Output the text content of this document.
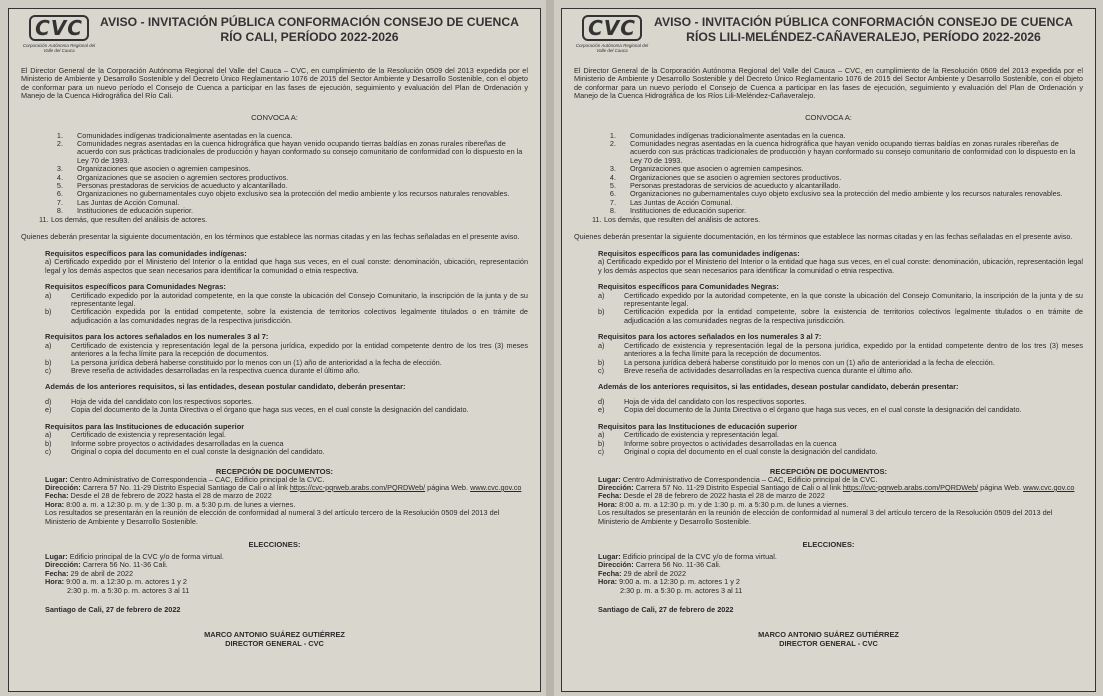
CVC
Corporación Autónoma Regional del Valle del Cauca
AVISO - INVITACIÓN PÚBLICA CONFORMACIÓN CONSEJO DE CUENCA
RÍO CALI, PERÍODO 2022-2026

El Director General de la Corporación Autónoma Regional del Valle del Cauca – CVC, en cumplimiento de la Resolución 0509 del 2013 expedida por el Ministerio de Ambiente y Desarrollo Sostenible y del Decreto Único Reglamentario 1076 de 2015 del Sector Ambiente y Desarrollo Sostenible, con el objeto de conformar para un nuevo período el Consejo de Cuenca a participar en las fases de ejecución, seguimiento y evaluación del Plan de Ordenación y Manejo de la Cuenca Hidrográfica del Río Cali.

CONVOCA A:
1.	Comunidades indígenas tradicionalmente asentadas en la cuenca.
2.	Comunidades negras asentadas en la cuenca hidrográfica que hayan venido ocupando tierras baldías en zonas rurales ribereñas de acuerdo con sus prácticas tradicionales de producción y hayan conformado su consejo comunitario de conformidad con lo dispuesto en la Ley 70 de 1993.
3.	Organizaciones que asocien o agremien campesinos.
4.	Organizaciones que se asocien o agremien sectores productivos.
5.	Personas prestadoras de servicios de acueducto y alcantarillado.
6.	Organizaciones no gubernamentales cuyo objeto exclusivo sea la protección del medio ambiente y los recursos naturales renovables.
7.	Las Juntas de Acción Comunal.
8.	Instituciones de educación superior.
11. Los demás, que resulten del análisis de actores.

Quienes deberán presentar la siguiente documentación, en los términos que establece las normas citadas y en las fechas señaladas en el presente aviso.

Requisitos específicos para las comunidades indígenas:

a) Certificado expedido por el Ministerio del Interior o la entidad que haga sus veces, en el cual conste: denominación, ubicación, representación legal y los demás aspectos que sean necesarios para identificar la comunidad o etnia respectiva.

Requisitos específicos para Comunidades Negras:
a)	Certificado expedido por la autoridad competente, en la que conste la ubicación del Consejo Comunitario, la inscripción de la junta y de su representante legal.
b)	Certificación expedida por la entidad competente, sobre la existencia de territorios colectivos legalmente titulados o en trámite de adjudicación a las comunidades negras de la respectiva jurisdicción.
Requisitos para los actores señalados en los numerales 3 al 7:
a)	Certificado de existencia y representación legal de la persona jurídica, expedido por la entidad competente dentro de los tres (3) meses anteriores a la fecha límite para la recepción de documentos.
b)	La persona jurídica deberá haberse constituido por lo menos con un (1) año de anterioridad a la fecha de elección.
c)	Breve reseña de actividades desarrolladas en la respectiva cuenca durante el último año.
Además de los anteriores requisitos, si las entidades, desean postular candidato, deberán presentar:
d)	Hoja de vida del candidato con los respectivos soportes.
e)	Copia del documento de la Junta Directiva o el órgano que haga sus veces, en el cual conste la designación del candidato.
Requisitos para las Instituciones de educación superior
a)	Certificado de existencia y representación legal.
b)	Informe sobre proyectos o actividades desarrolladas en la cuenca
c)	Original o copia del documento en el cual conste la designación del candidato.
RECEPCIÓN DE DOCUMENTOS:
Lugar: Centro Administrativo de Correspondencia – CAC, Edificio principal de la CVC.
Dirección: Carrera 57 No. 11-29 Distrito Especial Santiago de Cali o al link https://cvc-pqrweb.arabs.com/PQRDWeb/ página Web. www.cvc.gov.co
Fecha: Desde el 28 de febrero de 2022 hasta el 28 de marzo de 2022
Hora: 8:00 a. m. a 12:30 p. m. y de 1:30 p. m. a 5:30 p.m. de lunes a viernes.
Los resultados se presentarán en la reunión de elección de conformidad al numeral 3 del artículo tercero de la Resolución 0509 del 2013 del Ministerio de Ambiente y Desarrollo Sostenible.
ELECCIONES:
Lugar: Edificio principal de la CVC y/o de forma virtual.
Dirección: Carrera 56 No. 11-36 Cali.
Fecha: 29 de abril de 2022
Hora: 9:00 a. m. a 12:30 p. m. actores 1 y 2
2:30 p. m. a 5:30 p. m. actores 3 al 11
Santiago de Cali, 27 de febrero de 2022
MARCO ANTONIO SUÁREZ GUTIÉRREZ
DIRECTOR GENERAL - CVC
CVC
Corporación Autónoma Regional del Valle del Cauca
AVISO - INVITACIÓN PÚBLICA CONFORMACIÓN CONSEJO DE CUENCA
RÍOS LILI-MELÉNDEZ-CAÑAVERALEJO, PERÍODO 2022-2026

El Director General de la Corporación Autónoma Regional del Valle del Cauca – CVC, en cumplimiento de la Resolución 0509 del 2013 expedida por el Ministerio de Ambiente y Desarrollo Sostenible y del Decreto Único Reglamentario 1076 de 2015 del Sector Ambiente y Desarrollo Sostenible, con el objeto de conformar para un nuevo período el Consejo de Cuenca a participar en las fases de ejecución, seguimiento y evaluación del Plan de Ordenación y Manejo de la Cuenca Hidrográfica de los Ríos Lili-Meléndez-Cañaveralejo.

CONVOCA A:
1.	Comunidades indígenas tradicionalmente asentadas en la cuenca.
2.	Comunidades negras asentadas en la cuenca hidrográfica que hayan venido ocupando tierras baldías en zonas rurales ribereñas de acuerdo con sus prácticas tradicionales de producción y hayan conformado su consejo comunitario de conformidad con lo dispuesto en la Ley 70 de 1993.
3.	Organizaciones que asocien o agremien campesinos.
4.	Organizaciones que se asocien o agremien sectores productivos.
5.	Personas prestadoras de servicios de acueducto y alcantarillado.
6.	Organizaciones no gubernamentales cuyo objeto exclusivo sea la protección del medio ambiente y los recursos naturales renovables.
7.	Las Juntas de Acción Comunal.
8.	Instituciones de educación superior.
11. Los demás, que resulten del análisis de actores.

Quienes deberán presentar la siguiente documentación, en los términos que establece las normas citadas y en las fechas señaladas en el presente aviso.

Requisitos específicos para las comunidades indígenas:

a) Certificado expedido por el Ministerio del Interior o la entidad que haga sus veces, en el cual conste: denominación, ubicación, representación legal y los demás aspectos que sean necesarios para identificar la comunidad o etnia respectiva.

Requisitos específicos para Comunidades Negras:
a)	Certificado expedido por la autoridad competente, en la que conste la ubicación del Consejo Comunitario, la inscripción de la junta y de su representante legal.
b)	Certificación expedida por la entidad competente, sobre la existencia de territorios colectivos legalmente titulados o en trámite de adjudicación a las comunidades negras de la respectiva jurisdicción.
Requisitos para los actores señalados en los numerales 3 al 7:
a)	Certificado de existencia y representación legal de la persona jurídica, expedido por la entidad competente dentro de los tres (3) meses anteriores a la fecha límite para la recepción de documentos.
b)	La persona jurídica deberá haberse constituido por lo menos con un (1) año de anterioridad a la fecha de elección.
c)	Breve reseña de actividades desarrolladas en la respectiva cuenca durante el último año.
Además de los anteriores requisitos, si las entidades, desean postular candidato, deberán presentar:
d)	Hoja de vida del candidato con los respectivos soportes.
e)	Copia del documento de la Junta Directiva o el órgano que haga sus veces, en el cual conste la designación del candidato.
Requisitos para las Instituciones de educación superior
a)	Certificado de existencia y representación legal.
b)	Informe sobre proyectos o actividades desarrolladas en la cuenca
c)	Original o copia del documento en el cual conste la designación del candidato.
RECEPCIÓN DE DOCUMENTOS:
Lugar: Centro Administrativo de Correspondencia – CAC, Edificio principal de la CVC.
Dirección: Carrera 57 No. 11-29 Distrito Especial Santiago de Cali o al link https://cvc-pqrweb.arabs.com/PQRDWeb/ página Web. www.cvc.gov.co
Fecha: Desde el 28 de febrero de 2022 hasta el 28 de marzo de 2022
Hora: 8:00 a. m. a 12:30 p. m. y de 1:30 p. m. a 5:30 p.m. de lunes a viernes.
Los resultados se presentarán en la reunión de elección de conformidad al numeral 3 del artículo tercero de la Resolución 0509 del 2013 del Ministerio de Ambiente y Desarrollo Sostenible.
ELECCIONES:
Lugar: Edificio principal de la CVC y/o de forma virtual.
Dirección: Carrera 56 No. 11-36 Cali.
Fecha: 29 de abril de 2022
Hora: 9:00 a. m. a 12:30 p. m. actores 1 y 2
2:30 p. m. a 5:30 p. m. actores 3 al 11
Santiago de Cali, 27 de febrero de 2022
MARCO ANTONIO SUÁREZ GUTIÉRREZ
DIRECTOR GENERAL - CVC
